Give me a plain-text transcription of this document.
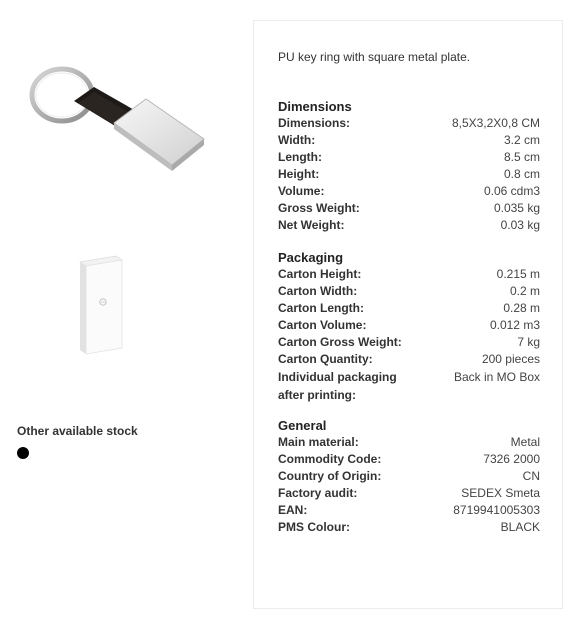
Other available stock
PU key ring with square metal plate.
Dimensions
Dimensions:	8,5X3,2X0,8 CM
Width:	3.2 cm
Length:	8.5 cm
Height:	0.8 cm
Volume:	0.06 cdm3
Gross Weight:	0.035 kg
Net Weight:	0.03 kg
Packaging
Carton Height:	0.215 m
Carton Width:	0.2 m
Carton Length:	0.28 m
Carton Volume:	0.012 m3
Carton Gross Weight:	7 kg
Carton Quantity:	200 pieces
Individual packaging
after printing:
Back in MO Box
General
Main material:	Metal
Commodity Code:	7326 2000
Country of Origin:	CN
Factory audit:	SEDEX Smeta
EAN:	8719941005303
PMS Colour:	BLACK
